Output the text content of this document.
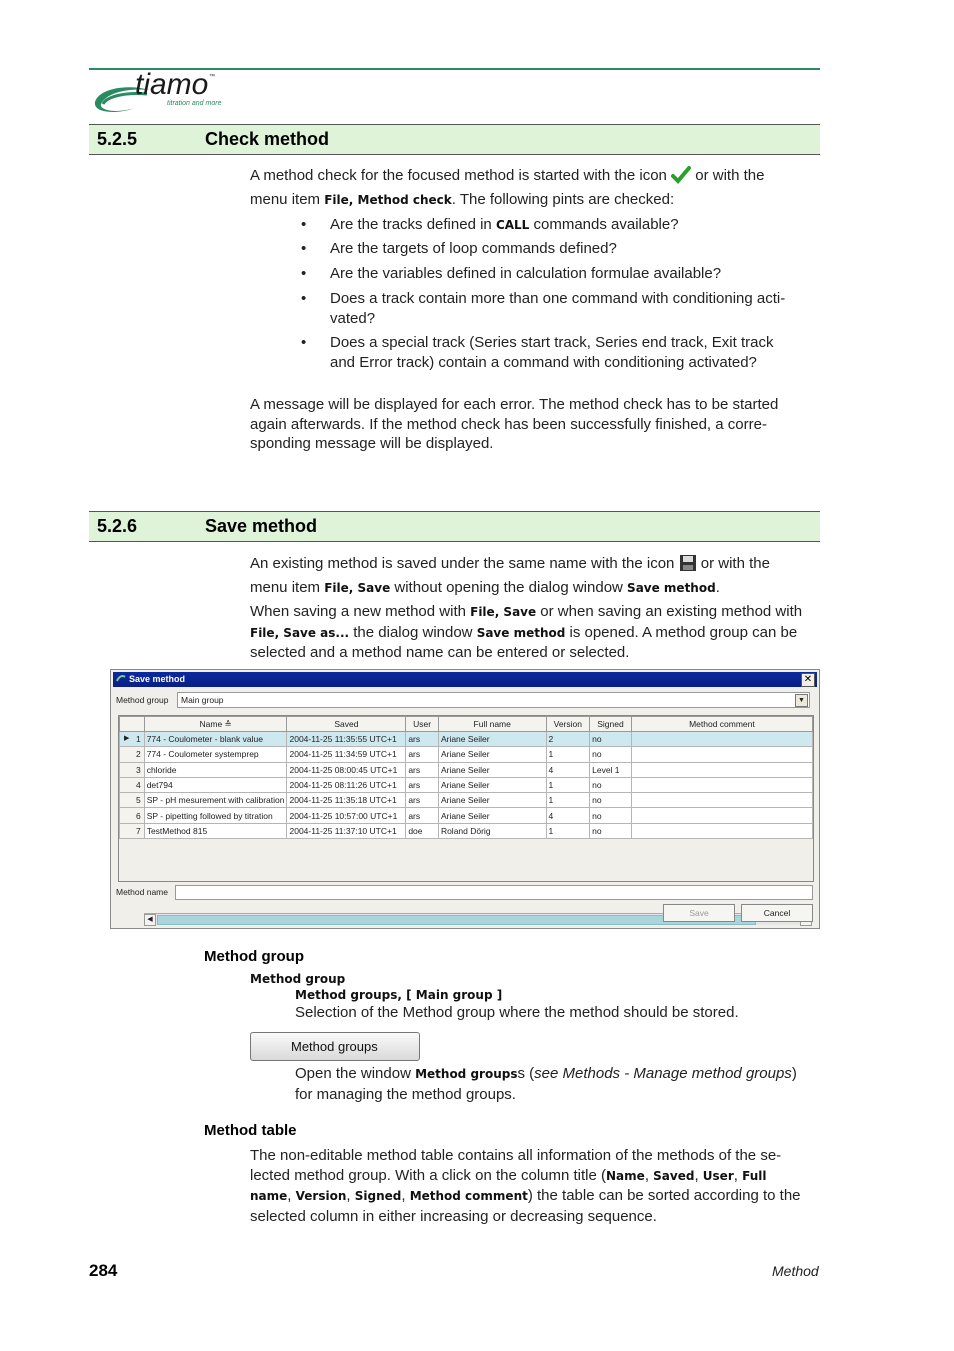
tiamo ™
titration and more
5.2.5	Check method
A method check for the focused method is started with the icon or with the
menu item File, Method check. The following pints are checked:
• Are the tracks defined in CALL commands available?
• Are the targets of loop commands defined?
• Are the variables defined in calculation formulae available?
• Does a track contain more than one command with conditioning acti-
vated?
• Does a special track (Series start track, Series end track, Exit track
and Error track) contain a command with conditioning activated?
A message will be displayed for each error. The method check has to be started
again afterwards. If the method check has been successfully finished, a corre-
sponding message will be displayed.
5.2.6	Save method
An existing method is saved under the same name with the icon or with the
menu item File, Save without opening the dialog window Save method.
When saving a new method with File, Save or when saving an existing method with
File, Save as... the dialog window Save method is opened. A method group can be
selected and a method name can be entered or selected.
Save method	✕
Method group Main group	▼
	Name ≙	Saved	User	Full name	Version	Signed	Method comment

▶ 1	774 - Coulometer - blank value	2004-11-25 11:35:55 UTC+1	ars	Ariane Seiler	2	no	
2	774 - Coulometer systemprep	2004-11-25 11:34:59 UTC+1	ars	Ariane Seiler	1	no	
3	chloride	2004-11-25 08:00:45 UTC+1	ars	Ariane Seiler	4	Level 1	
4	det794	2004-11-25 08:11:26 UTC+1	ars	Ariane Seiler	1	no	
5	SP - pH mesurement with calibration	2004-11-25 11:35:18 UTC+1	ars	Ariane Seiler	1	no	
6	SP - pipetting followed by titration	2004-11-25 10:57:00 UTC+1	ars	Ariane Seiler	4	no	
7	TestMethod 815	2004-11-25 11:37:10 UTC+1	doe	Roland Dörig	1	no	
◀
Method name
Save	Cancel
Method group
Method group
Method groups, [ Main group ]
Selection of the Method group where the method should be stored.
Method groups
Open the window Method groupss (see Methods - Manage method groups)
for managing the method groups.
Method table
The non-editable method table contains all information of the methods of the se-
lected method group. With a click on the column title (Name, Saved, User, Full
name, Version, Signed, Method comment) the table can be sorted according to the
selected column in either increasing or decreasing sequence.
284	Method
